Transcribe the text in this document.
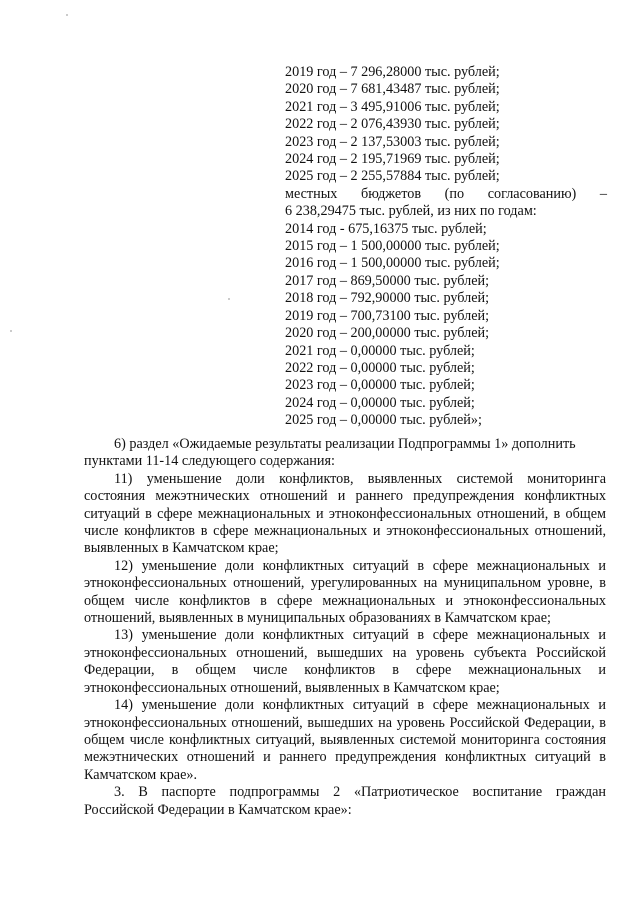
2019 год – 7 296,28000 тыс. рублей;
2020 год – 7 681,43487 тыс. рублей;
2021 год – 3 495,91006 тыс. рублей;
2022 год – 2 076,43930 тыс. рублей;
2023 год – 2 137,53003 тыс. рублей;
2024 год – 2 195,71969 тыс. рублей;
2025 год – 2 255,57884 тыс. рублей;
местных бюджетов (по согласованию) –
6 238,29475 тыс. рублей, из них по годам:
2014 год - 675,16375 тыс. рублей;
2015 год – 1 500,00000 тыс. рублей;
2016 год – 1 500,00000 тыс. рублей;
2017 год – 869,50000 тыс. рублей;
2018 год – 792,90000 тыс. рублей;
2019 год – 700,73100 тыс. рублей;
2020 год – 200,00000 тыс. рублей;
2021 год – 0,00000 тыс. рублей;
2022 год – 0,00000 тыс. рублей;
2023 год – 0,00000 тыс. рублей;
2024 год – 0,00000 тыс. рублей;
2025 год – 0,00000 тыс. рублей»;

6) раздел «Ожидаемые результаты реализации Подпрограммы 1» дополнить

пунктами 11-14 следующего содержания:

11) уменьшение доли конфликтов, выявленных системой мониторинга состояния межэтнических отношений и раннего предупреждения конфликтных ситуаций в сфере межнациональных и этноконфессиональных отношений, в общем числе конфликтов в сфере межнациональных и этноконфессиональных отношений, выявленных в Камчатском крае;

12) уменьшение доли конфликтных ситуаций в сфере межнациональных и этноконфессиональных отношений, урегулированных на муниципальном уровне, в общем числе конфликтов в сфере межнациональных и этноконфессиональных отношений, выявленных в муниципальных образованиях в Камчатском крае;

13) уменьшение доли конфликтных ситуаций в сфере межнациональных и этноконфессиональных отношений, вышедших на уровень субъекта Российской Федерации, в общем числе конфликтов в сфере межнациональных и этноконфессиональных отношений, выявленных в Камчатском крае;

14) уменьшение доли конфликтных ситуаций в сфере межнациональных и этноконфессиональных отношений, вышедших на уровень Российской Федерации, в общем числе конфликтных ситуаций, выявленных системой мониторинга состояния межэтнических отношений и раннего предупреждения конфликтных ситуаций в Камчатском крае».

3. В паспорте подпрограммы 2 «Патриотическое воспитание граждан Российской Федерации в Камчатском крае»:
